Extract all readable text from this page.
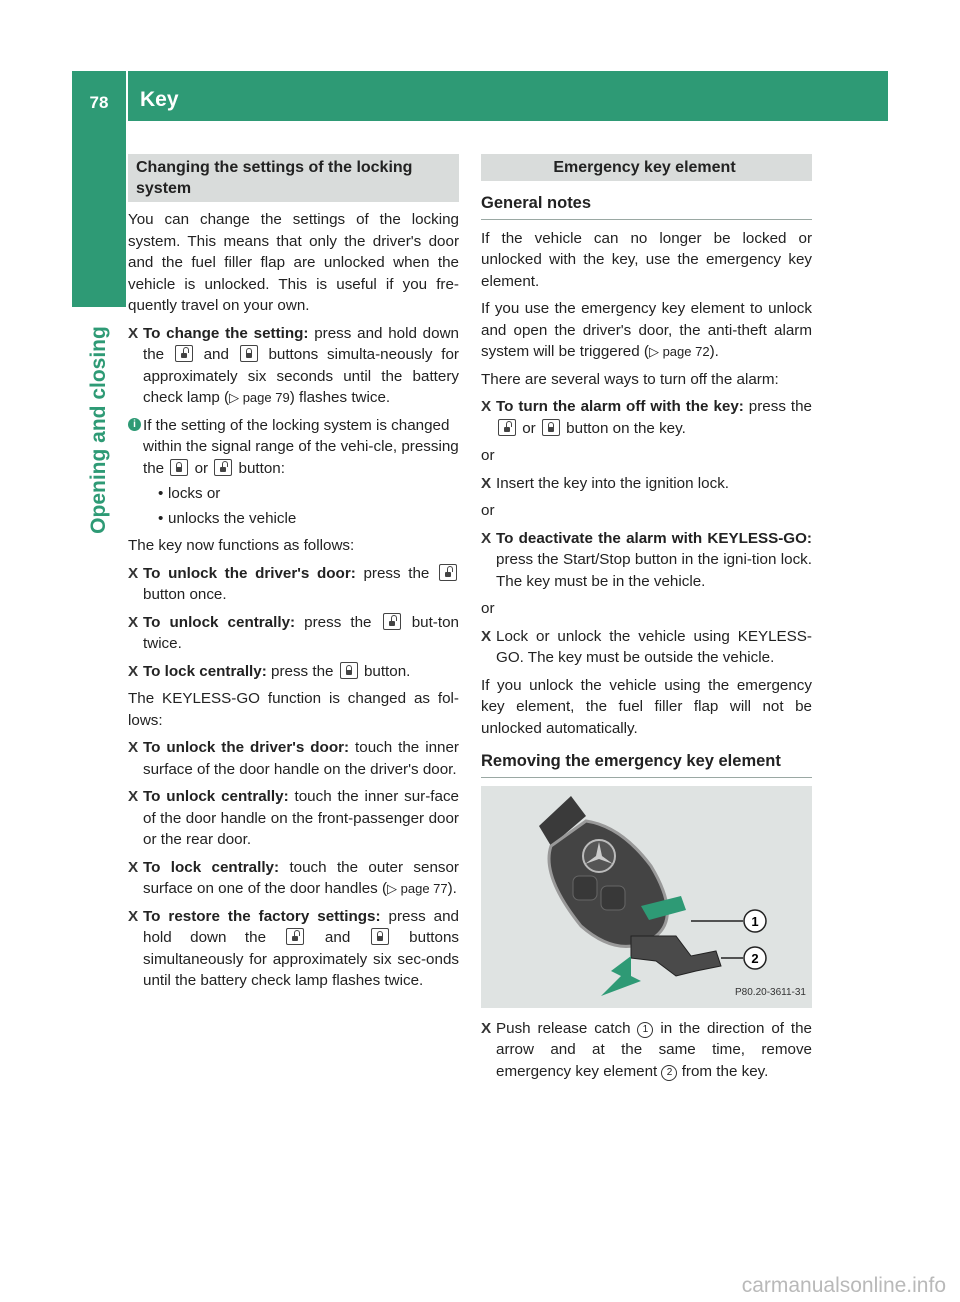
78 Key
Opening and closing
Changing the settings of the locking system

You can change the settings of the locking system. This means that only the driver's door and the fuel filler flap are unlocked when the vehicle is unlocked. This is useful if you fre-quently travel on your own.

X To change the setting: press and hold down the  and  buttons simulta-neously for approximately six seconds until the battery check lamp (▷ page 79) flashes twice.
i If the setting of the locking system is changed within the signal range of the vehi-cle, pressing the  or  button:
• locks or
• unlocks the vehicle

The key now functions as follows:

X To unlock the driver's door: press the  button once.
X To unlock centrally: press the  but-ton twice.
X To lock centrally: press the  button.

The KEYLESS-GO function is changed as fol-lows:

X To unlock the driver's door: touch the inner surface of the door handle on the driver's door.
X To unlock centrally: touch the inner sur-face of the door handle on the front-passenger door or the rear door.
X To lock centrally: touch the outer sensor surface on one of the door handles (▷ page 77).
X To restore the factory settings: press and hold down the  and  buttons simultaneously for approximately six sec-onds until the battery check lamp flashes twice.
Emergency key element
General notes

If the vehicle can no longer be locked or unlocked with the key, use the emergency key element.

If you use the emergency key element to unlock and open the driver's door, the anti-theft alarm system will be triggered (▷ page 72).

There are several ways to turn off the alarm:

X To turn the alarm off with the key: press the  or  button on the key.

or

X Insert the key into the ignition lock.

or

X To deactivate the alarm with KEYLESS-GO: press the Start/Stop button in the igni-tion lock. The key must be in the vehicle.

or

X Lock or unlock the vehicle using KEYLESS-GO. The key must be outside the vehicle.

If you unlock the vehicle using the emergency key element, the fuel filler flap will not be unlocked automatically.

Removing the emergency key element
1
2
P80.20-3611-31
X Push release catch 1 in the direction of the arrow and at the same time, remove emergency key element 2 from the key.
carmanualsonline.info
